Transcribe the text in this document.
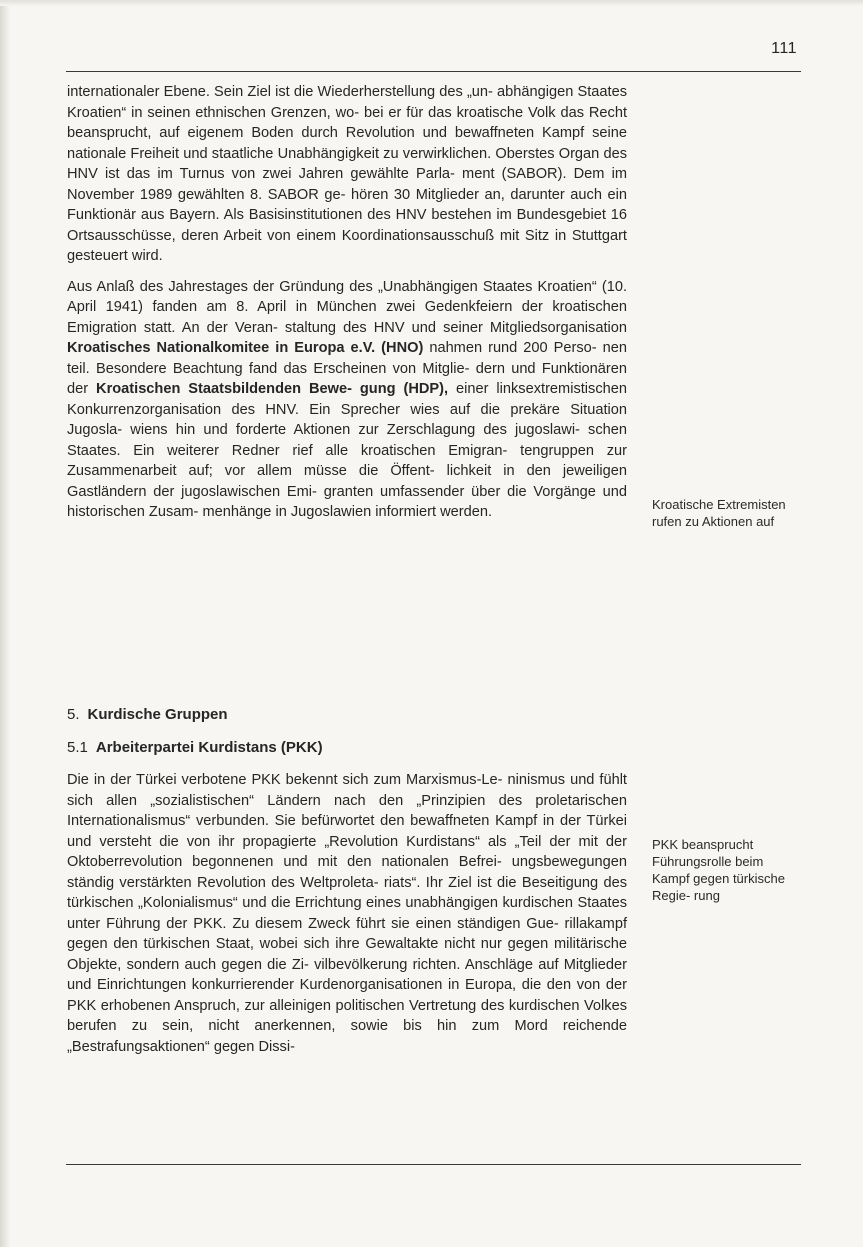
111

internationaler Ebene. Sein Ziel ist die Wiederherstellung des „un- abhängigen Staates Kroatien“ in seinen ethnischen Grenzen, wo- bei er für das kroatische Volk das Recht beansprucht, auf eigenem Boden durch Revolution und bewaffneten Kampf seine nationale Freiheit und staatliche Unabhängigkeit zu verwirklichen. Oberstes Organ des HNV ist das im Turnus von zwei Jahren gewählte Parla- ment (SABOR). Dem im November 1989 gewählten 8. SABOR ge- hören 30 Mitglieder an, darunter auch ein Funktionär aus Bayern. Als Basisinstitutionen des HNV bestehen im Bundesgebiet 16 Ortsausschüsse, deren Arbeit von einem Koordinationsausschuß mit Sitz in Stuttgart gesteuert wird.

Aus Anlaß des Jahrestages der Gründung des „Unabhängigen Staates Kroatien“ (10. April 1941) fanden am 8. April in München zwei Gedenkfeiern der kroatischen Emigration statt. An der Veran- staltung des HNV und seiner Mitgliedsorganisation Kroatisches Nationalkomitee in Europa e.V. (HNO) nahmen rund 200 Perso- nen teil. Besondere Beachtung fand das Erscheinen von Mitglie- dern und Funktionären der Kroatischen Staatsbildenden Bewe- gung (HDP), einer linksextremistischen Konkurrenzorganisation des HNV. Ein Sprecher wies auf die prekäre Situation Jugosla- wiens hin und forderte Aktionen zur Zerschlagung des jugoslawi- schen Staates. Ein weiterer Redner rief alle kroatischen Emigran- tengruppen zur Zusammenarbeit auf; vor allem müsse die Öffent- lichkeit in den jeweiligen Gastländern der jugoslawischen Emi- granten umfassender über die Vorgänge und historischen Zusam- menhänge in Jugoslawien informiert werden.	Kroatische Extremisten rufen zu Aktionen auf
5. Kurdische Gruppen
5.1 Arbeiterpartei Kurdistans (PKK)

Die in der Türkei verbotene PKK bekennt sich zum Marxismus-Le- ninismus und fühlt sich allen „sozialistischen“ Ländern nach den „Prinzipien des proletarischen Internationalismus“ verbunden. Sie befürwortet den bewaffneten Kampf in der Türkei und versteht die von ihr propagierte „Revolution Kurdistans“ als „Teil der mit der Oktoberrevolution begonnenen und mit den nationalen Befrei- ungsbewegungen ständig verstärkten Revolution des Weltproleta- riats“. Ihr Ziel ist die Beseitigung des türkischen „Kolonialismus“ und die Errichtung eines unabhängigen kurdischen Staates unter Führung der PKK. Zu diesem Zweck führt sie einen ständigen Gue- rillakampf gegen den türkischen Staat, wobei sich ihre Gewaltakte nicht nur gegen militärische Objekte, sondern auch gegen die Zi- vilbevölkerung richten. Anschläge auf Mitglieder und Einrichtungen konkurrierender Kurdenorganisationen in Europa, die den von der PKK erhobenen Anspruch, zur alleinigen politischen Vertretung des kurdischen Volkes berufen zu sein, nicht anerkennen, sowie bis hin zum Mord reichende „Bestrafungsaktionen“ gegen Dissi-

PKK beansprucht Führungsrolle beim Kampf gegen türkische Regie- rung
